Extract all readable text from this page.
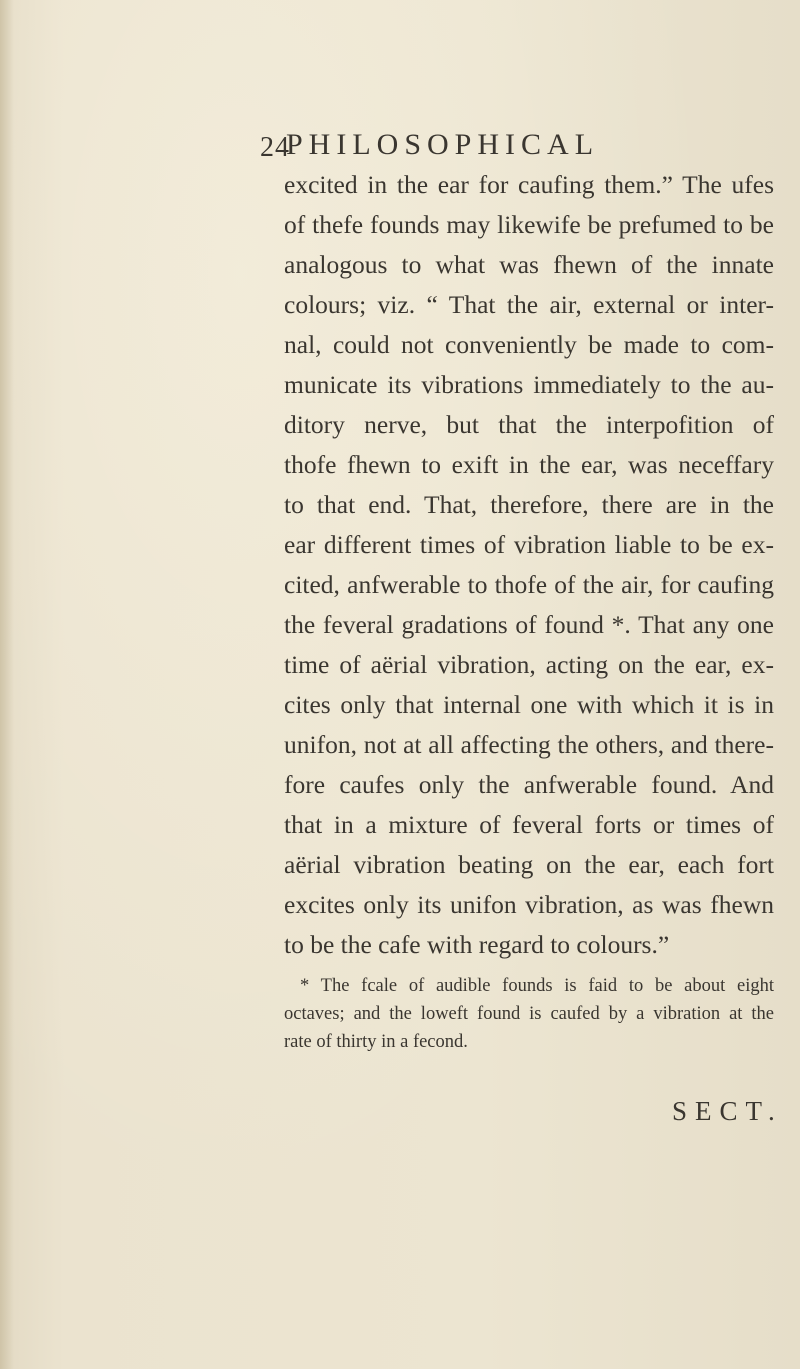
24
PHILOSOPHICAL
excited in the ear for caufing them.” The ufes
of thefe founds may likewife be prefumed to be
analogous to what was fhewn of the innate
colours; viz. “ That the air, external or inter-
nal, could not conveniently be made to com-
municate its vibrations immediately to the au-
ditory nerve, but that the interpofition of
thofe fhewn to exift in the ear, was neceffary
to that end. That, therefore, there are in the
ear different times of vibration liable to be ex-
cited, anfwerable to thofe of the air, for caufing
the feveral gradations of found *. That any one
time of aërial vibration, acting on the ear, ex-
cites only that internal one with which it is in
unifon, not at all affecting the others, and there-
fore caufes only the anfwerable found. And
that in a mixture of feveral forts or times of
aërial vibration beating on the ear, each fort
excites only its unifon vibration, as was fhewn
to be the cafe with regard to colours.”
* The fcale of audible founds is faid to be about eight
octaves; and the loweft found is caufed by a vibration at the
rate of thirty in a fecond.
SECT.
